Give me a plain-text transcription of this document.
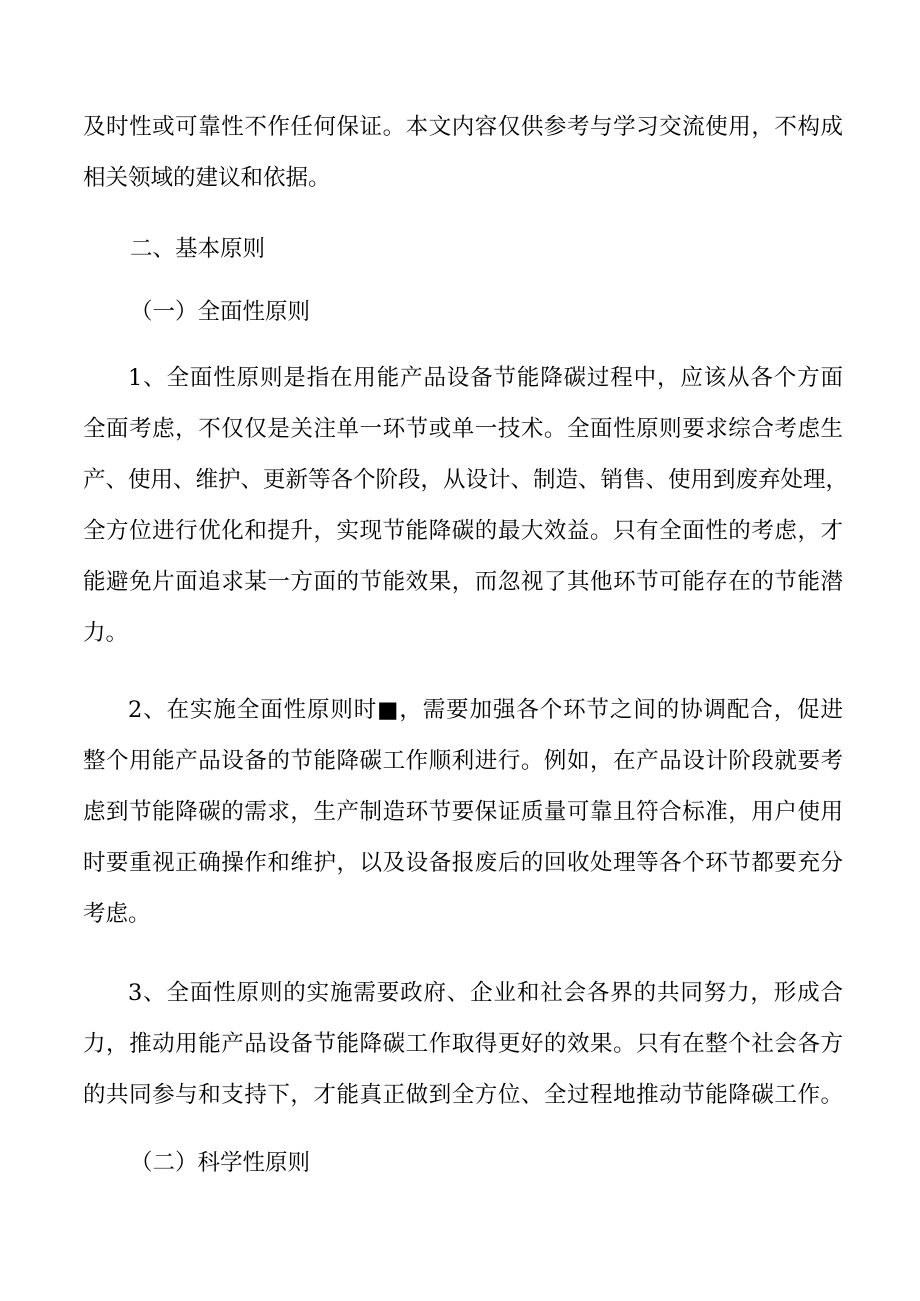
及时性或可靠性不作任何保证。本文内容仅供参考与学习交流使用，不构成
相关领域的建议和依据。
二、基本原则
（一）全面性原则
1、全面性原则是指在用能产品设备节能降碳过程中，应该从各个方面
全面考虑，不仅仅是关注单一环节或单一技术。全面性原则要求综合考虑生
产、使用、维护、更新等各个阶段，从设计、制造、销售、使用到废弃处理，
全方位进行优化和提升，实现节能降碳的最大效益。只有全面性的考虑，才
能避免片面追求某一方面的节能效果，而忽视了其他环节可能存在的节能潜
力。
2、在实施全面性原则时■，需要加强各个环节之间的协调配合，促进
整个用能产品设备的节能降碳工作顺利进行。例如，在产品设计阶段就要考
虑到节能降碳的需求，生产制造环节要保证质量可靠且符合标准，用户使用
时要重视正确操作和维护，以及设备报废后的回收处理等各个环节都要充分
考虑。
3、全面性原则的实施需要政府、企业和社会各界的共同努力，形成合
力，推动用能产品设备节能降碳工作取得更好的效果。只有在整个社会各方
的共同参与和支持下，才能真正做到全方位、全过程地推动节能降碳工作。
（二）科学性原则
